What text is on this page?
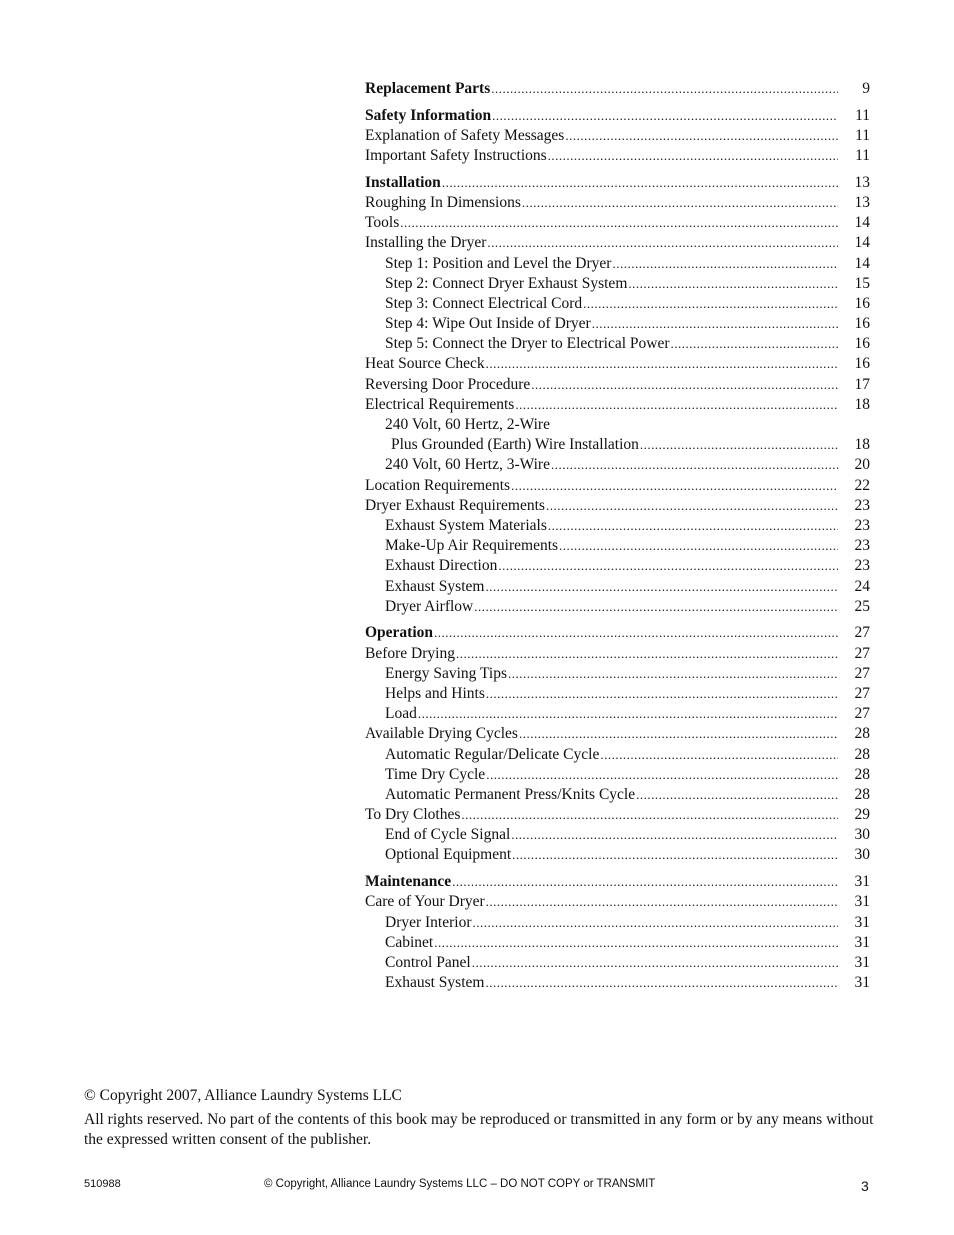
Replacement Parts .....	9
Safety Information .....	11
Explanation of Safety Messages .....	11
Important Safety Instructions .....	11
Installation .....	13
Roughing In Dimensions .....	13
Tools .....	14
Installing the Dryer .....	14
Step 1: Position and Level the Dryer .....	14
Step 2: Connect Dryer Exhaust System .....	15
Step 3: Connect Electrical Cord .....	16
Step 4: Wipe Out Inside of Dryer .....	16
Step 5: Connect the Dryer to Electrical Power .....	16
Heat Source Check .....	16
Reversing Door Procedure .....	17
Electrical Requirements .....	18
240 Volt, 60 Hertz, 2-Wire
Plus Grounded (Earth) Wire Installation .....	18
240 Volt, 60 Hertz, 3-Wire .....	20
Location Requirements .....	22
Dryer Exhaust Requirements .....	23
Exhaust System Materials .....	23
Make-Up Air Requirements .....	23
Exhaust Direction .....	23
Exhaust System .....	24
Dryer Airflow .....	25
Operation .....	27
Before Drying .....	27
Energy Saving Tips .....	27
Helps and Hints .....	27
Load .....	27
Available Drying Cycles .....	28
Automatic Regular/Delicate Cycle .....	28
Time Dry Cycle .....	28
Automatic Permanent Press/Knits Cycle .....	28
To Dry Clothes .....	29
End of Cycle Signal .....	30
Optional Equipment .....	30
Maintenance .....	31
Care of Your Dryer .....	31
Dryer Interior .....	31
Cabinet .....	31
Control Panel .....	31
Exhaust System .....	31

© Copyright 2007, Alliance Laundry Systems LLC

All rights reserved. No part of the contents of this book may be reproduced or transmitted in any form or by any means without the expressed written consent of the publisher.

510988	© Copyright, Alliance Laundry Systems LLC – DO NOT COPY or TRANSMIT	3
